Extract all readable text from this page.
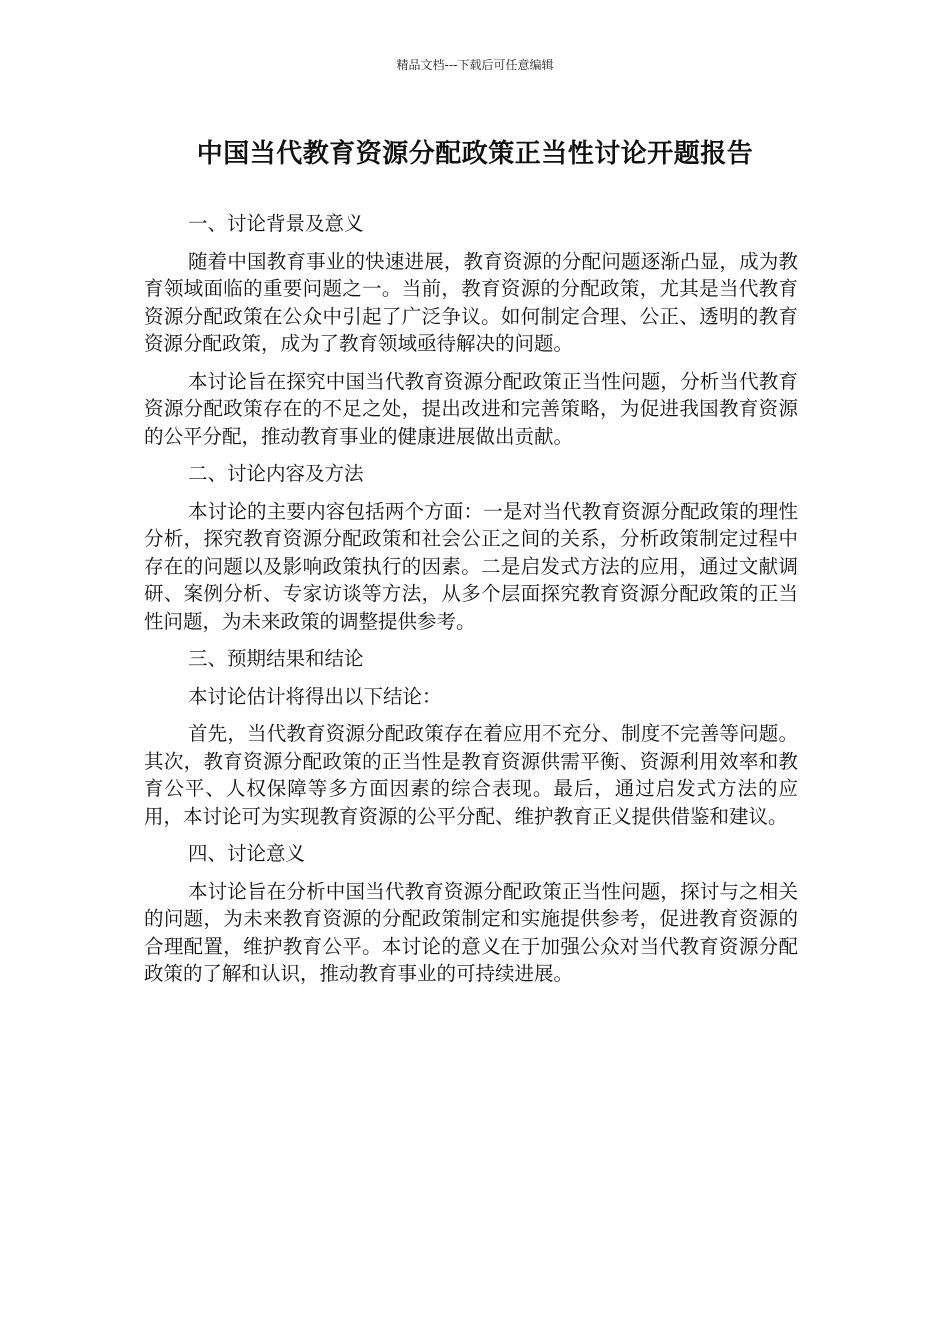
精品文档---下载后可任意编辑
中国当代教育资源分配政策正当性讨论开题报告

一、讨论背景及意义

随着中国教育事业的快速进展，教育资源的分配问题逐渐凸显，成为教育领域面临的重要问题之一。当前，教育资源的分配政策，尤其是当代教育资源分配政策在公众中引起了广泛争议。如何制定合理、公正、透明的教育资源分配政策，成为了教育领域亟待解决的问题。

本讨论旨在探究中国当代教育资源分配政策正当性问题，分析当代教育资源分配政策存在的不足之处，提出改进和完善策略，为促进我国教育资源的公平分配，推动教育事业的健康进展做出贡献。

二、讨论内容及方法

本讨论的主要内容包括两个方面：一是对当代教育资源分配政策的理性分析，探究教育资源分配政策和社会公正之间的关系，分析政策制定过程中存在的问题以及影响政策执行的因素。二是启发式方法的应用，通过文献调研、案例分析、专家访谈等方法，从多个层面探究教育资源分配政策的正当性问题，为未来政策的调整提供参考。

三、预期结果和结论

本讨论估计将得出以下结论：

首先，当代教育资源分配政策存在着应用不充分、制度不完善等问题。其次，教育资源分配政策的正当性是教育资源供需平衡、资源利用效率和教育公平、人权保障等多方面因素的综合表现。最后，通过启发式方法的应用，本讨论可为实现教育资源的公平分配、维护教育正义提供借鉴和建议。

四、讨论意义

本讨论旨在分析中国当代教育资源分配政策正当性问题，探讨与之相关的问题，为未来教育资源的分配政策制定和实施提供参考，促进教育资源的合理配置，维护教育公平。本讨论的意义在于加强公众对当代教育资源分配政策的了解和认识，推动教育事业的可持续进展。
